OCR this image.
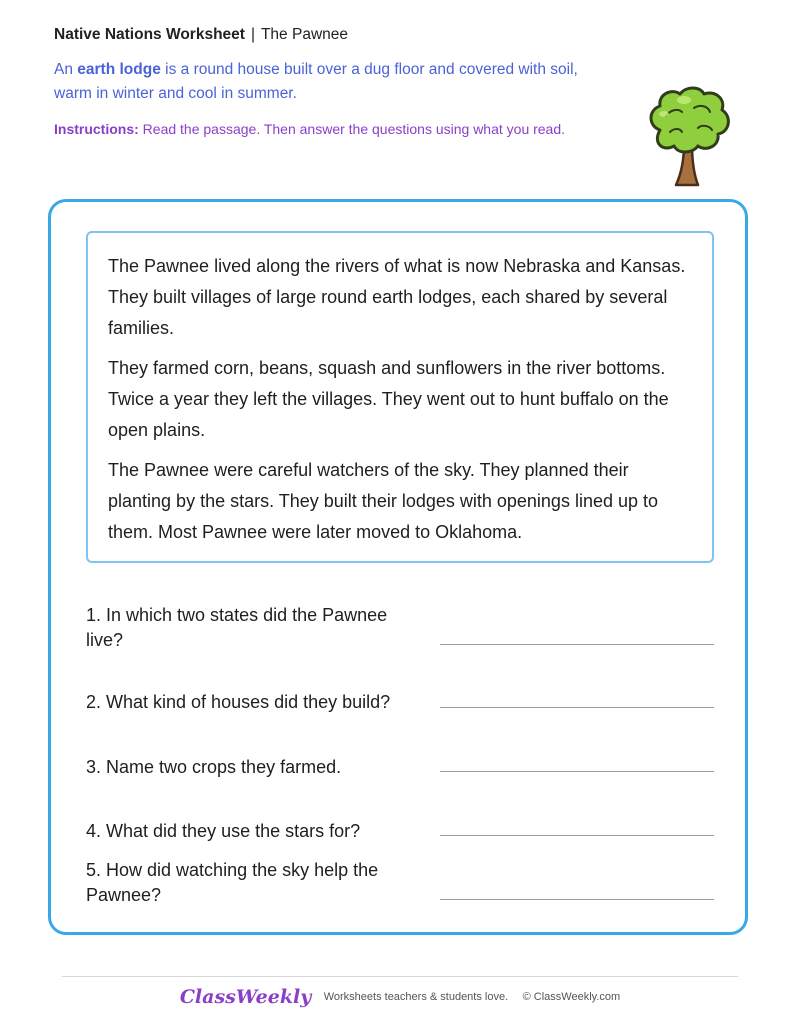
Native Nations Worksheet | The Pawnee
An earth lodge is a round house built over a dug floor and covered with soil, warm in winter and cool in summer.
Instructions: Read the passage. Then answer the questions using what you read.

The Pawnee lived along the rivers of what is now Nebraska and Kansas. They built villages of large round earth lodges, each shared by several families.

They farmed corn, beans, squash and sunflowers in the river bottoms. Twice a year they left the villages. They went out to hunt buffalo on the open plains.

The Pawnee were careful watchers of the sky. They planned their planting by the stars. They built their lodges with openings lined up to them. Most Pawnee were later moved to Oklahoma.

1. In which two states did the Pawnee live?
2. What kind of houses did they build?
3. Name two crops they farmed.
4. What did they use the stars for?
5. How did watching the sky help the Pawnee?
ClassWeekly Worksheets teachers & students love. © ClassWeekly.com
